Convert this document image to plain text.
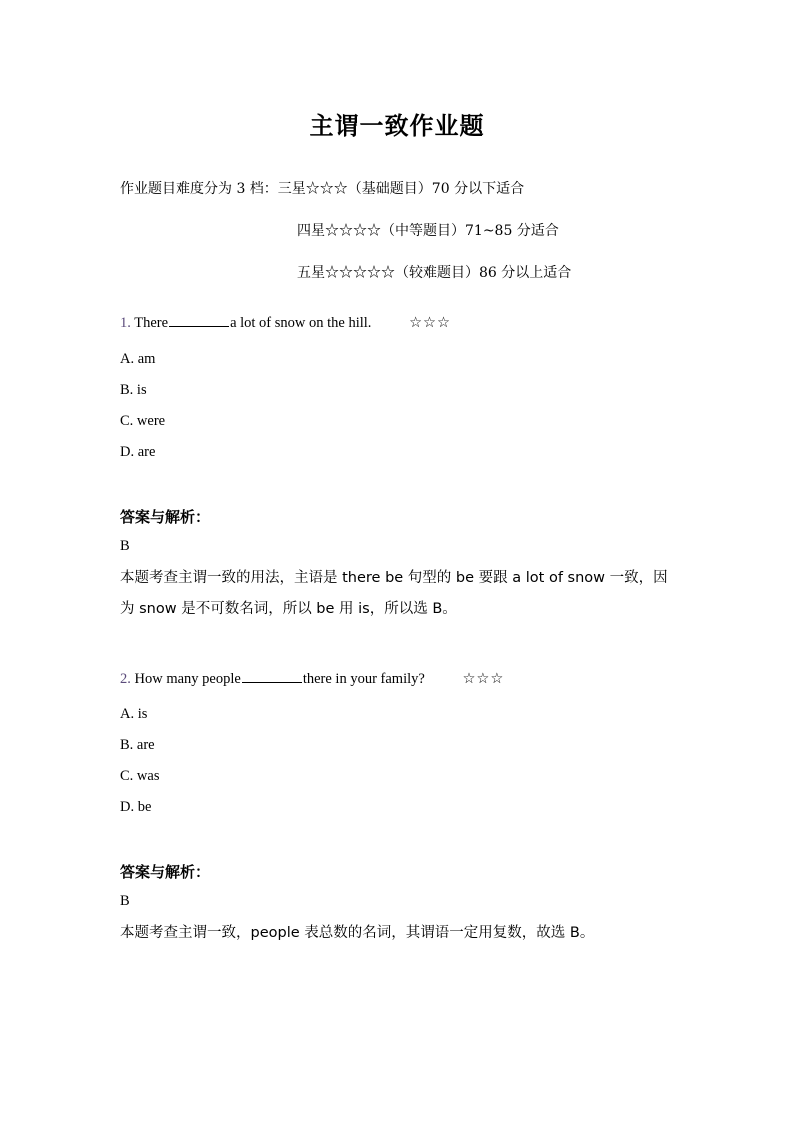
主谓一致作业题
作业题目难度分为 3 档：三星☆☆☆（基础题目）70 分以下适合
四星☆☆☆☆（中等题目）71~85 分适合
五星☆☆☆☆☆（较难题目）86 分以上适合
1. There	a lot of snow on the hill.	☆☆☆
A. am
B. is
C. were
D. are
答案与解析：
B
本题考查主谓一致的用法，主语是 there be 句型的 be 要跟 a lot of snow 一致，因
为 snow 是不可数名词，所以 be 用 is，所以选 B。
2. How many people	there in your family?	☆☆☆
A. is
B. are
C. was
D. be
答案与解析：
B
本题考查主谓一致，people 表总数的名词，其谓语一定用复数，故选 B。
